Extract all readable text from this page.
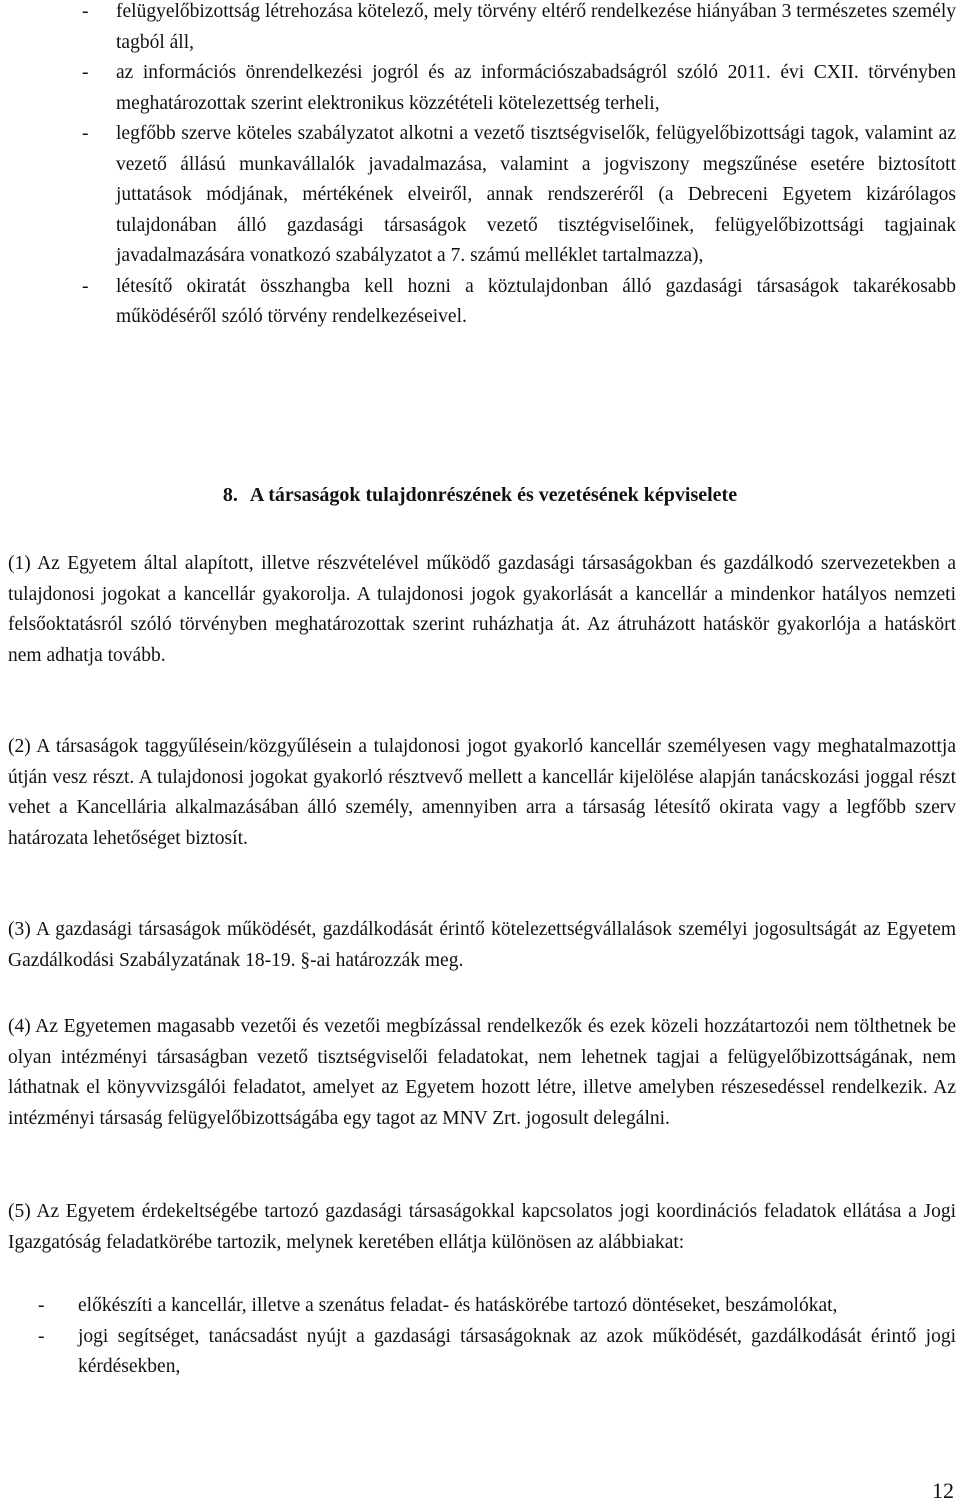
- felügyelőbizottság létrehozása kötelező, mely törvény eltérő rendelkezése hiányában 3 természetes személy tagból áll,
- az információs önrendelkezési jogról és az információszabadságról szóló 2011. évi CXII. törvényben meghatározottak szerint elektronikus közzétételi kötelezettség terheli,
- legfőbb szerve köteles szabályzatot alkotni a vezető tisztségviselők, felügyelőbizottsági tagok, valamint az vezető állású munkavállalók javadalmazása, valamint a jogviszony megszűnése esetére biztosított juttatások módjának, mértékének elveiről, annak rendszeréről (a Debreceni Egyetem kizárólagos tulajdonában álló gazdasági társaságok vezető tisztégviselőinek, felügyelőbizottsági tagjainak javadalmazására vonatkozó szabályzatot a 7. számú melléklet tartalmazza),
- létesítő okiratát összhangba kell hozni a köztulajdonban álló gazdasági társaságok takarékosabb működéséről szóló törvény rendelkezéseivel.
8. A társaságok tulajdonrészének és vezetésének képviselete
(1) Az Egyetem által alapított, illetve részvételével működő gazdasági társaságokban és gazdálkodó szervezetekben a tulajdonosi jogokat a kancellár gyakorolja. A tulajdonosi jogok gyakorlását a kancellár a mindenkor hatályos nemzeti felsőoktatásról szóló törvényben meghatározottak szerint ruházhatja át. Az átruházott hatáskör gyakorlója a hatáskört nem adhatja tovább.
(2) A társaságok taggyűlésein/közgyűlésein a tulajdonosi jogot gyakorló kancellár személyesen vagy meghatalmazottja útján vesz részt. A tulajdonosi jogokat gyakorló résztvevő mellett a kancellár kijelölése alapján tanácskozási joggal részt vehet a Kancellária alkalmazásában álló személy, amennyiben arra a társaság létesítő okirata vagy a legfőbb szerv határozata lehetőséget biztosít.
(3) A gazdasági társaságok működését, gazdálkodását érintő kötelezettségvállalások személyi jogosultságát az Egyetem Gazdálkodási Szabályzatának 18-19. §-ai határozzák meg.
(4) Az Egyetemen magasabb vezetői és vezetői megbízással rendelkezők és ezek közeli hozzátartozói nem tölthetnek be olyan intézményi társaságban vezető tisztségviselői feladatokat, nem lehetnek tagjai a felügyelőbizottságának, nem láthatnak el könyvvizsgálói feladatot, amelyet az Egyetem hozott létre, illetve amelyben részesedéssel rendelkezik. Az intézményi társaság felügyelőbizottságába egy tagot az MNV Zrt. jogosult delegálni.
(5) Az Egyetem érdekeltségébe tartozó gazdasági társaságokkal kapcsolatos jogi koordinációs feladatok ellátása a Jogi Igazgatóság feladatkörébe tartozik, melynek keretében ellátja különösen az alábbiakat:
- előkészíti a kancellár, illetve a szenátus feladat- és hatáskörébe tartozó döntéseket, beszámolókat,
- jogi segítséget, tanácsadást nyújt a gazdasági társaságoknak az azok működését, gazdálkodását érintő jogi kérdésekben,
12
